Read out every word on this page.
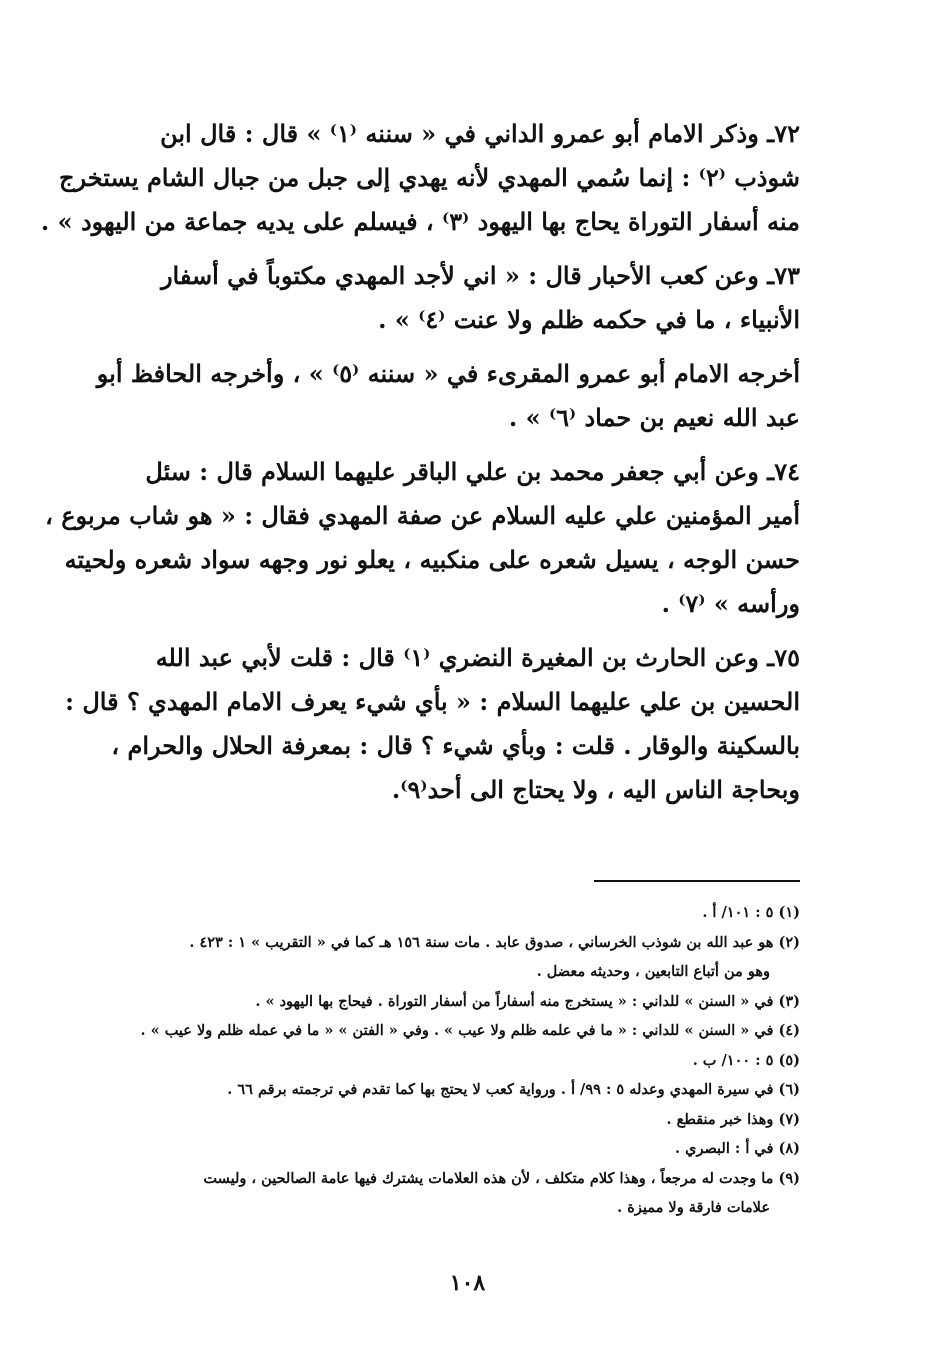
٧٢ـ وذكر الامام أبو عمرو الداني في « سننه ⁽١⁾ » قال : قال ابن
شوذب ⁽٢⁾ : إنما سُمي المهدي لأنه يهدي إلى جبل من جبال الشام يستخرج
منه أسفار التوراة يحاج بها اليهود ⁽٣⁾ ، فيسلم على يديه جماعة من اليهود » .

٧٣ـ وعن كعب الأحبار قال : « اني لأجد المهدي مكتوباً في أسفار
الأنبياء ، ما في حكمه ظلم ولا عنت ⁽٤⁾ » .

أخرجه الامام أبو عمرو المقرىء في « سننه ⁽٥⁾ » ، وأخرجه الحافظ أبو
عبد الله نعيم بن حماد ⁽٦⁾ » .

٧٤ـ وعن أبي جعفر محمد بن علي الباقر عليهما السلام قال : سئل
أمير المؤمنين علي عليه السلام عن صفة المهدي فقال : « هو شاب مربوع ،
حسن الوجه ، يسيل شعره على منكبيه ، يعلو نور وجهه سواد شعره ولحيته
ورأسه » ⁽٧⁾ .

٧٥ـ وعن الحارث بن المغيرة النضري ⁽١⁾ قال : قلت لأبي عبد الله
الحسين بن علي عليهما السلام : « بأي شيء يعرف الامام المهدي ؟ قال :
بالسكينة والوقار . قلت : وبأي شيء ؟ قال : بمعرفة الحلال والحرام ،
وبحاجة الناس اليه ، ولا يحتاج الى أحد⁽٩⁾.

(١) ٥ : ١٠١/ أ .
(٢) هو عبد الله بن شوذب الخرساني ، صدوق عابد . مات سنة ١٥٦ هـ كما في « التقريب » ١ : ٤٢٣ .
وهو من أتباع التابعين ، وحديثه معضل .
(٣) في « السنن » للداني : « يستخرج منه أسفاراً من أسفار التوراة . فيحاج بها اليهود » .
(٤) في « السنن » للداني : « ما في علمه ظلم ولا عيب » . وفي « الفتن » « ما في عمله ظلم ولا عيب » .
(٥) ٥ : ١٠٠/ ب .
(٦) في سيرة المهدي وعدله ٥ : ٩٩/ أ . ورواية كعب لا يحتج بها كما تقدم في ترجمته برقم ٦٦ .
(٧) وهذا خبر منقطع .
(٨) في أ : البصري .
(٩) ما وجدت له مرجعاً ، وهذا كلام متكلف ، لأن هذه العلامات يشترك فيها عامة الصالحين ، وليست
علامات فارقة ولا مميزة .
١٠٨
